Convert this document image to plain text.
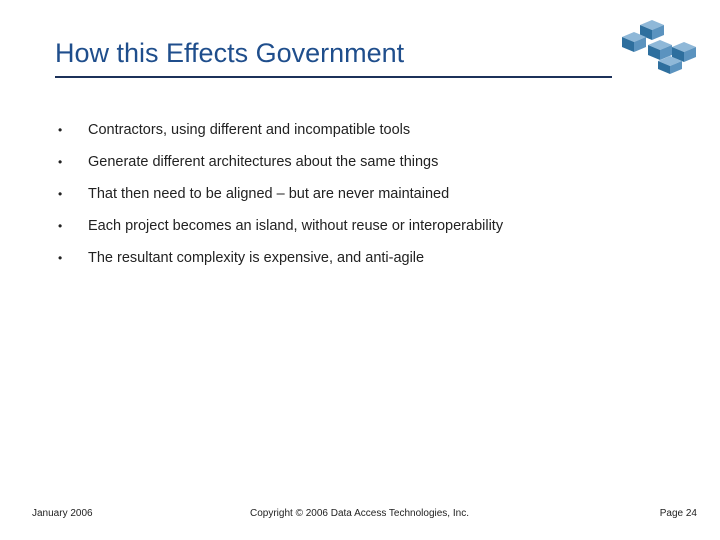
How this Effects Government
• Contractors, using different and incompatible tools
• Generate different architectures about the same things
• That then need to be aligned – but are never maintained
• Each project becomes an island, without reuse or interoperability
• The resultant complexity is expensive, and anti-agile
January 2006	Copyright © 2006 Data Access Technologies, Inc.	Page 24
